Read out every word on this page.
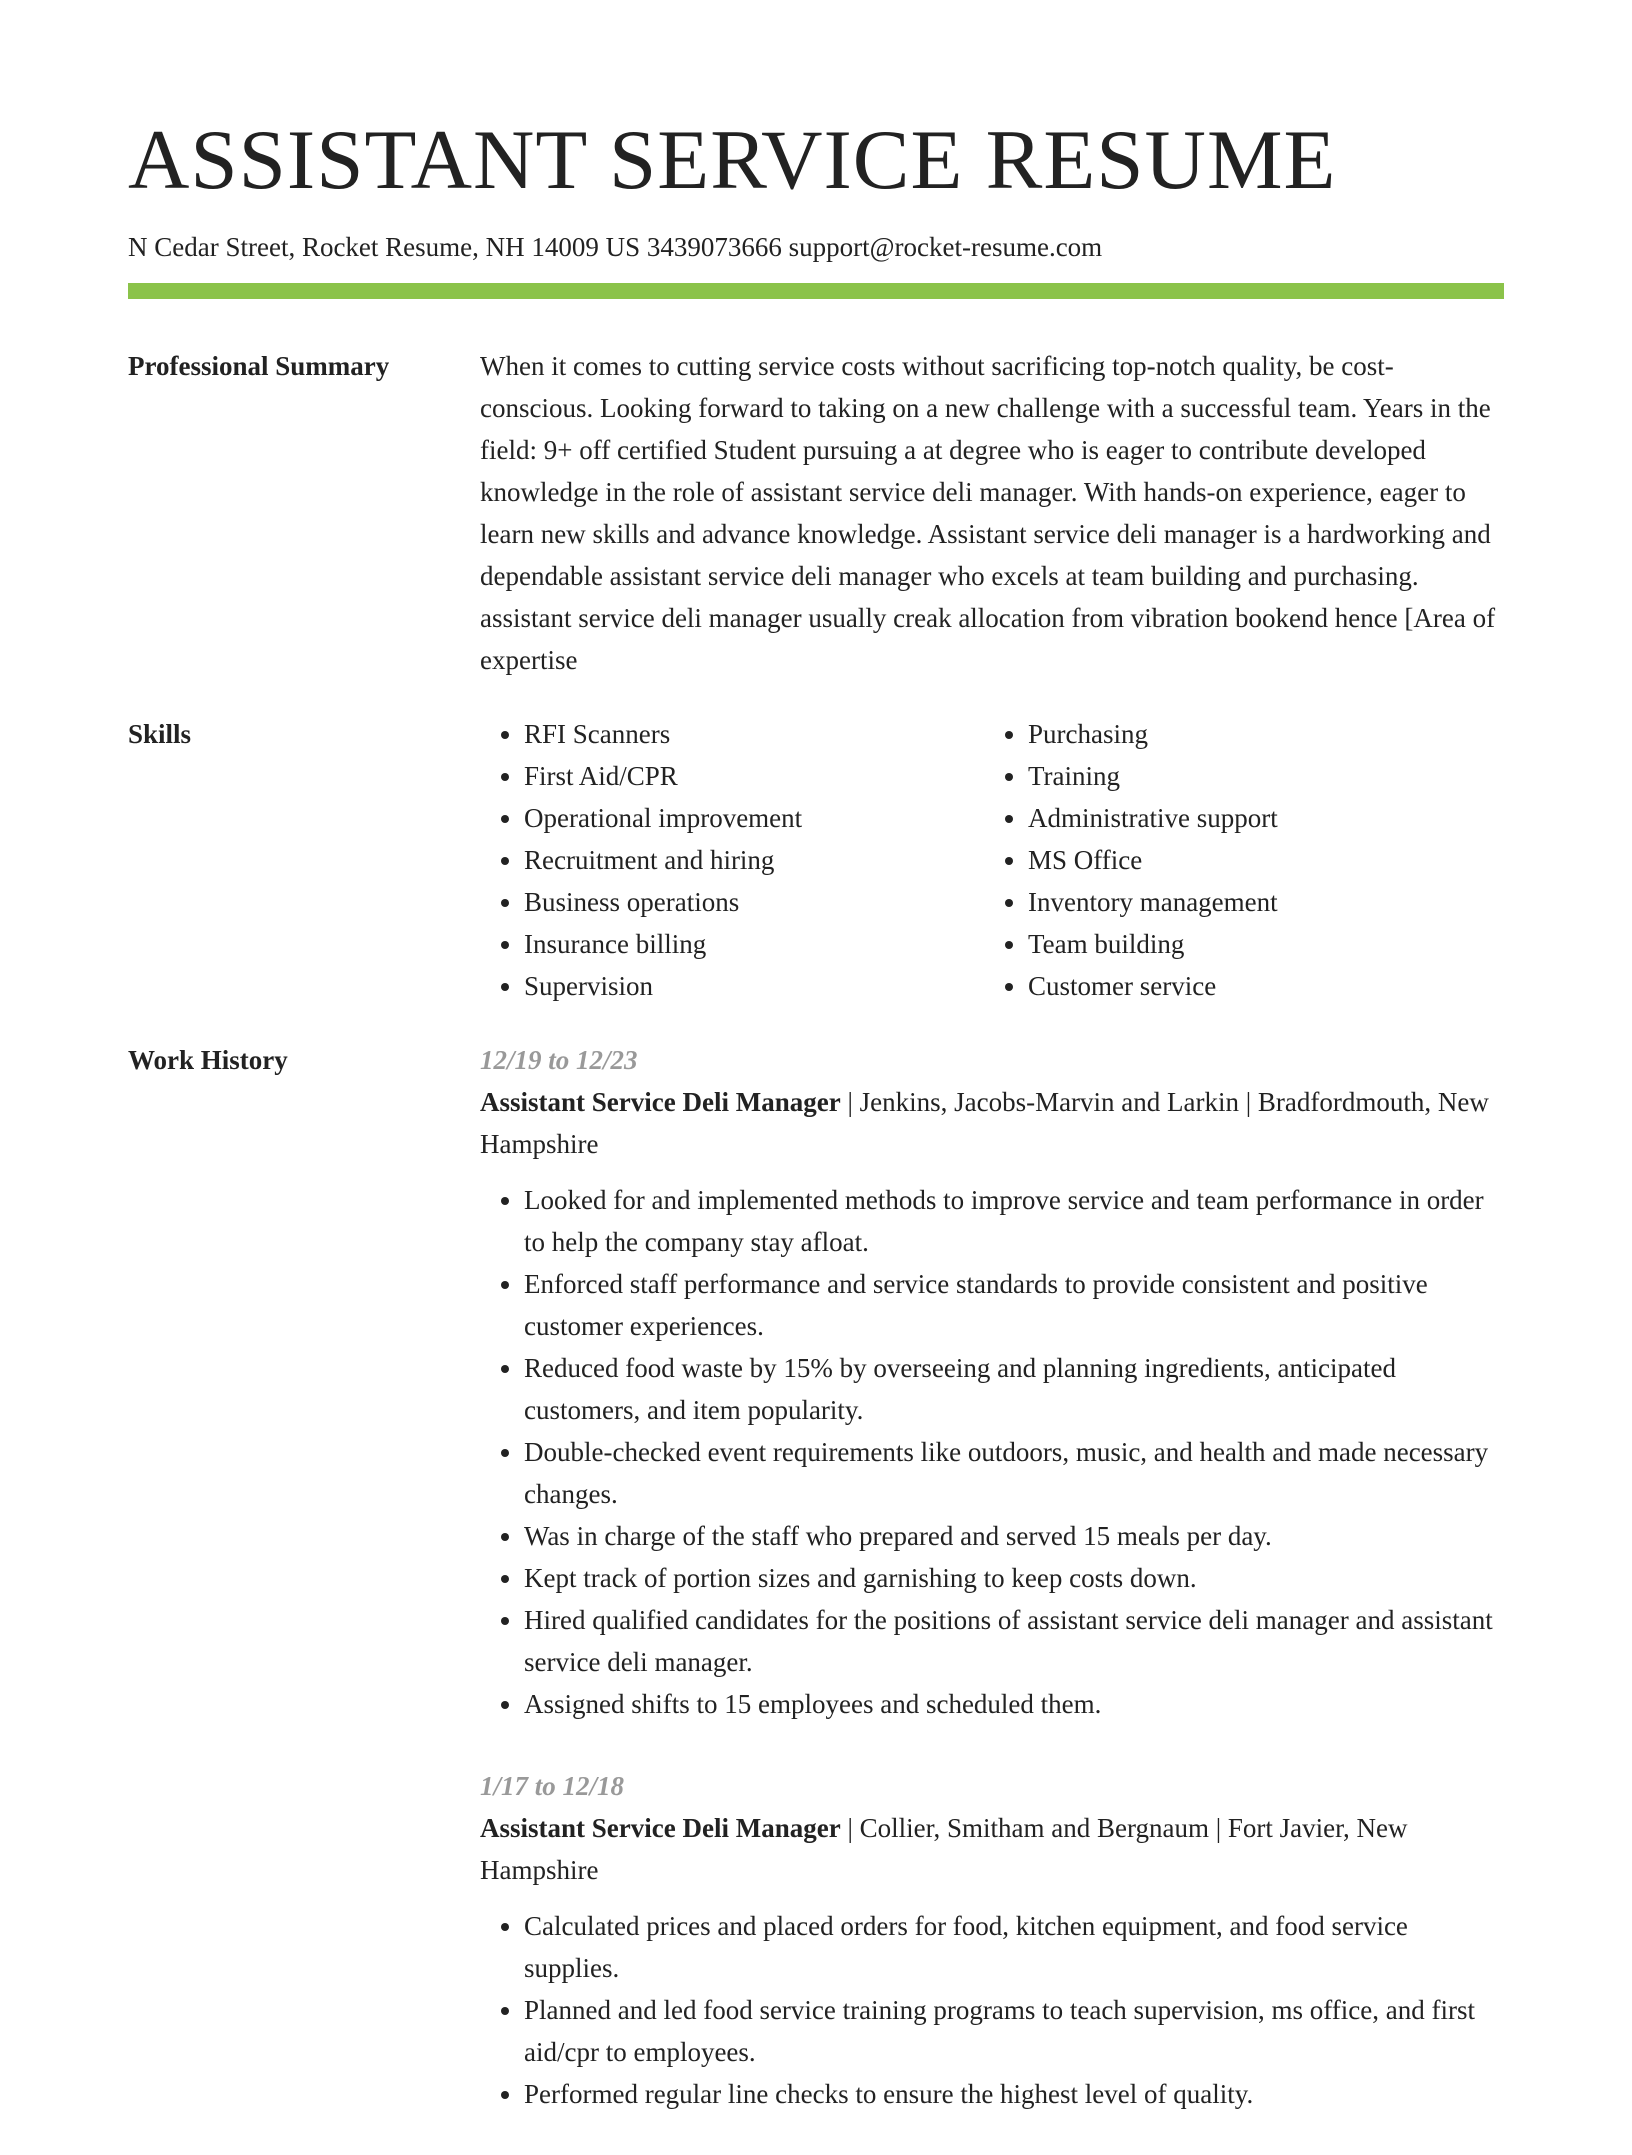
ASSISTANT SERVICE RESUME
N Cedar Street, Rocket Resume, NH 14009 US 3439073666 support@rocket-resume.com
Professional Summary	When it comes to cutting service costs without sacrificing top-notch quality, be cost-conscious. Looking forward to taking on a new challenge with a successful team. Years in the field: 9+ off certified Student pursuing a at degree who is eager to contribute developed knowledge in the role of assistant service deli manager. With hands-on experience, eager to learn new skills and advance knowledge. Assistant service deli manager is a hardworking and dependable assistant service deli manager who excels at team building and purchasing. assistant service deli manager usually creak allocation from vibration bookend hence [Area of expertise

Skills
•	RFI Scanners
• First Aid/CPR
• Operational improvement
• Recruitment and hiring
• Business operations
• Insurance billing
• Supervision
• Purchasing
• Training
• Administrative support
• MS Office
• Inventory management
• Team building
• Customer service
Work History	12/19 to 12/23
Assistant Service Deli Manager | Jenkins, Jacobs-Marvin and Larkin | Bradfordmouth, New Hampshire
• Looked for and implemented methods to improve service and team performance in order to help the company stay afloat.
• Enforced staff performance and service standards to provide consistent and positive customer experiences.
• Reduced food waste by 15% by overseeing and planning ingredients, anticipated customers, and item popularity.
• Double-checked event requirements like outdoors, music, and health and made necessary changes.
• Was in charge of the staff who prepared and served 15 meals per day.
• Kept track of portion sizes and garnishing to keep costs down.
• Hired qualified candidates for the positions of assistant service deli manager and assistant service deli manager.
• Assigned shifts to 15 employees and scheduled them.
1/17 to 12/18
Assistant Service Deli Manager | Collier, Smitham and Bergnaum | Fort Javier, New Hampshire
• Calculated prices and placed orders for food, kitchen equipment, and food service supplies.
• Planned and led food service training programs to teach supervision, ms office, and first aid/cpr to employees.
• Performed regular line checks to ensure the highest level of quality.
